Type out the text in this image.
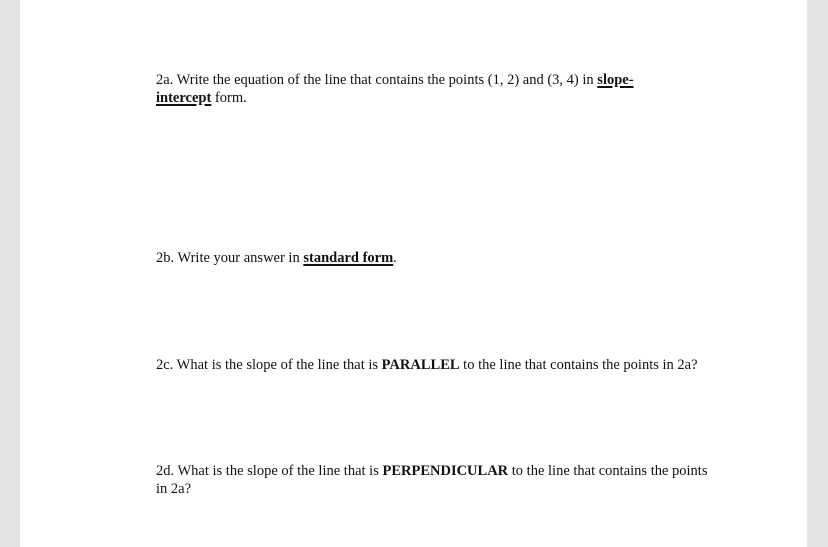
2a. Write the equation of the line that contains the points (1, 2) and (3, 4) in slope-
intercept form.
2b. Write your answer in standard form.
2c. What is the slope of the line that is PARALLEL to the line that contains the points in 2a?
2d. What is the slope of the line that is PERPENDICULAR to the line that contains the points in 2a?
